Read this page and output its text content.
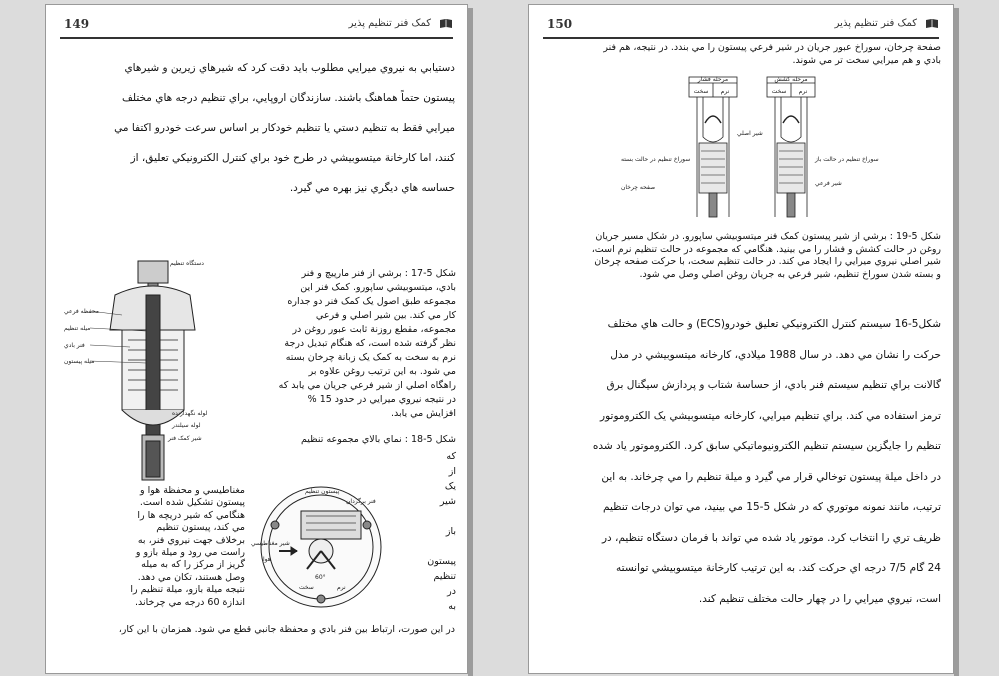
149	کمک فنر تنظیم پذیر
دستيابي به نيروي ميرايي مطلوب بايد دقت کرد که شيرهاي زيرين و شيرهاي
پيستون حتماً هماهنگ باشند. سازندگان اروپايي، براي تنظيم درجه هاي مختلف
ميرايي فقط به تنظيم دستي يا تنظيم خودکار بر اساس سرعت خودرو اکتفا مي
کنند، اما کارخانة ميتسوبيشي در طرح خود براي کنترل الکترونيکي تعليق، از
حساسه هاي ديگري نيز بهره مي گيرد.
دستگاه تنظيم
محفظه فرعي
ميله تنظيم
فنر بادي
ميله پيستون
لوله نگهدارنده
لوله سيلندر
شير کمک فنر
شکل 5-17 : برشي از فنر مارپيچ و فنر
بادي، ميتسوبيشي ساپورو. کمک فنر اين
مجموعه طبق اصول يک کمک فنر دو جداره
کار مي کند. بين شير اصلي و فرعي
مجموعه، مقطع روزنة ثابت عبور روغن در
نظر گرفته شده است، که هنگام تبديل درجة
نرم به سخت به کمک يک زبانة چرخان بسته
مي شود. به اين ترتيب روغن علاوه بر
راهگاه اصلي از شير فرعي جريان مي يابد که
در نتيجه نيروي ميرايي در حدود 15 %
افزايش مي يابد.
شکل 5-18 : نماي بالاي مجموعه تنظيم
که
از
يک
شير

باز

پيستون
تنظيم
در
به
پيستون تنظيم
فنر برگردان
شير مغناطيسي
هوا
60°
سخت	نرم
مغناطيسي و محفظة هوا و
پيستون تشکيل شده است.
هنگامي که شير دريچه ها را
مي کند، پيستون تنظيم
برخلاف جهت نيروي فنر، به
راست مي رود و ميلة بازو و
گريز از مرکز را که به ميله
وصل هستند، تکان مي دهد.
نتيجه ميلة بازو، ميلة تنظيم را
اندازة 60 درجه مي چرخاند.
در اين صورت، ارتباط بين فنر بادي و محفظة جانبي قطع مي شود. همزمان با اين کار،
150	کمک فنر تنظیم پذیر
صفحة چرخان، سوراخ عبور جريان در شير فرعي پيستون را مي بندد. در نتيجه، هم فنر
بادي و هم ميرايي سخت تر مي شوند.
مرحله فشار	مرحله کشش
سخت نرم	سخت نرم
شير اصلي
سوراخ تنظيم در حالت بسته
صفحه چرخان
سوراخ تنظيم در حالت باز
شير فرعي
شکل 5-19 : برشي از شير پيستون کمک فنر ميتسوبيشي ساپورو. در شکل مسير جريان
روغن در حالت کشش و فشار را مي بينيد. هنگامي که مجموعه در حالت تنظيم نرم است،
شير اصلي نيروي ميرايي را ايجاد مي کند. در حالت تنظيم سخت، با حرکت صفحه چرخان
و بسته شدن سوراخ تنظيم، شير فرعي به جريان روغن اصلي وصل مي شود.
شکل5-16 سيستم کنترل الکترونيکي تعليق خودرو(ECS) و حالت هاي مختلف
حرکت را نشان مي دهد. در سال 1988 ميلادي، کارخانه ميتسوبيشي در مدل
گالانت براي تنظيم سيستم فنر بادي، از حساسة شتاب و پردازش سيگنال برق
ترمز استفاده مي کند. براي تنظيم ميرايي، کارخانه ميتسوبيشي يک الکتروموتور
تنظيم را جايگزين سيستم تنظيم الکترونيوماتيکي سابق کرد. الکتروموتور ياد شده
در داخل ميلة پيستون توخالي قرار مي گيرد و ميلة تنظيم را مي چرخاند. به اين
ترتيب، مانند نمونه موتوري که در شکل 5-15 مي بينيد، مي توان درجات تنظيم
ظريف تري را انتخاب کرد. موتور ياد شده مي تواند با فرمان دستگاه تنظيم، در
24 گام 7/5 درجه اي حرکت کند. به اين ترتيب کارخانة ميتسوبيشي توانسته
است، نيروي ميرايي را در چهار حالت مختلف تنظيم کند.
